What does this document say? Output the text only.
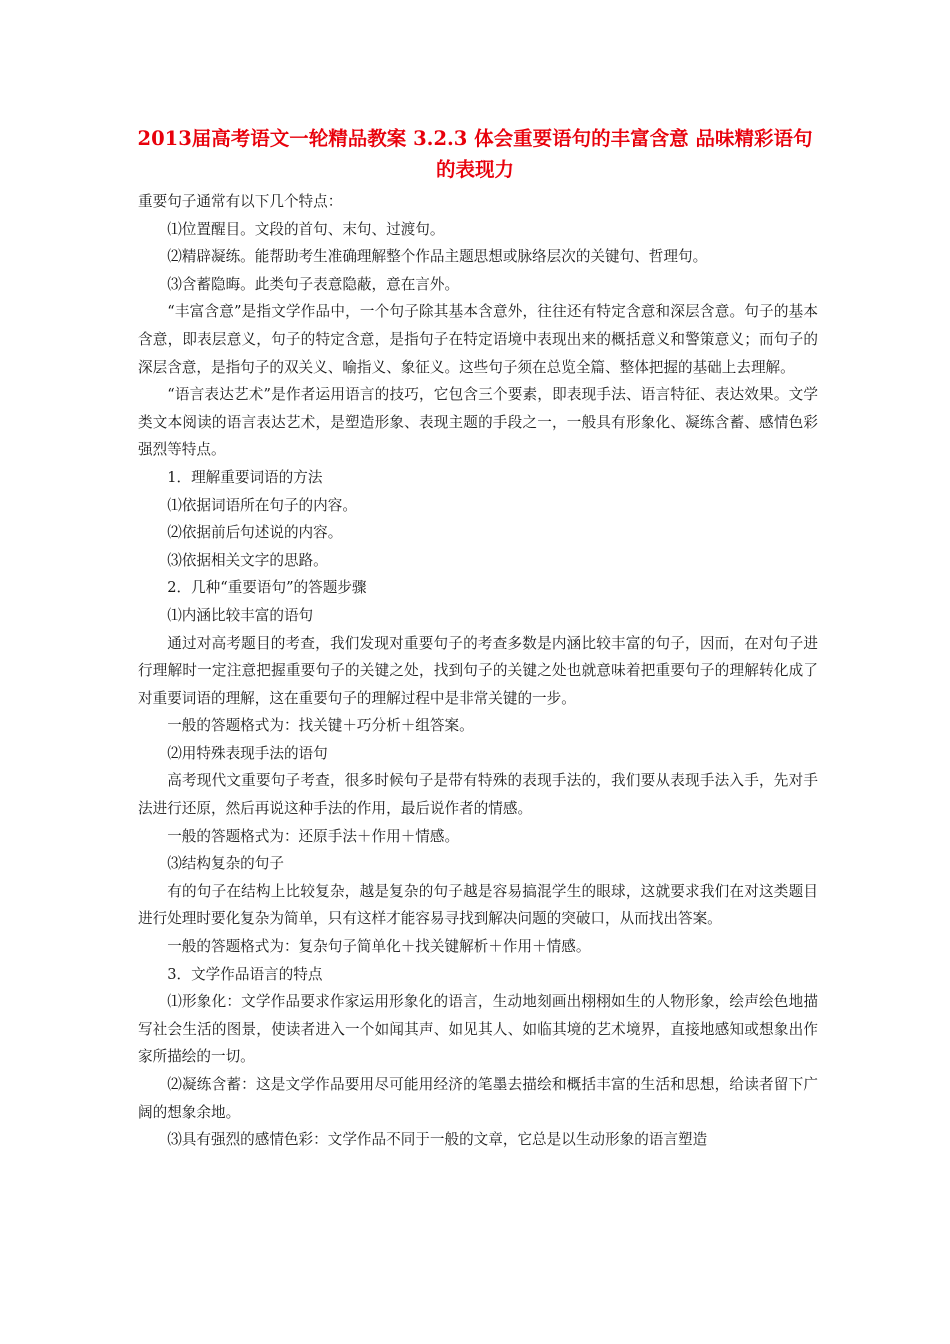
2013届高考语文一轮精品教案 3.2.3 体会重要语句的丰富含意 品味精彩语句的表现力

重要句子通常有以下几个特点：

⑴位置醒目。文段的首句、末句、过渡句。

⑵精辟凝练。能帮助考生准确理解整个作品主题思想或脉络层次的关键句、哲理句。

⑶含蓄隐晦。此类句子表意隐蔽，意在言外。

“丰富含意”是指文学作品中，一个句子除其基本含意外，往往还有特定含意和深层含意。句子的基本含意，即表层意义，句子的特定含意，是指句子在特定语境中表现出来的概括意义和警策意义；而句子的深层含意，是指句子的双关义、喻指义、象征义。这些句子须在总览全篇、整体把握的基础上去理解。

“语言表达艺术”是作者运用语言的技巧，它包含三个要素，即表现手法、语言特征、表达效果。文学类文本阅读的语言表达艺术，是塑造形象、表现主题的手段之一，一般具有形象化、凝练含蓄、感情色彩强烈等特点。

1．理解重要词语的方法

⑴依据词语所在句子的内容。

⑵依据前后句述说的内容。

⑶依据相关文字的思路。

2．几种“重要语句”的答题步骤

⑴内涵比较丰富的语句

通过对高考题目的考查，我们发现对重要句子的考查多数是内涵比较丰富的句子，因而，在对句子进行理解时一定注意把握重要句子的关键之处，找到句子的关键之处也就意味着把重要句子的理解转化成了对重要词语的理解，这在重要句子的理解过程中是非常关键的一步。

一般的答题格式为：找关键＋巧分析＋组答案。

⑵用特殊表现手法的语句

高考现代文重要句子考查，很多时候句子是带有特殊的表现手法的，我们要从表现手法入手，先对手法进行还原，然后再说这种手法的作用，最后说作者的情感。

一般的答题格式为：还原手法＋作用＋情感。

⑶结构复杂的句子

有的句子在结构上比较复杂，越是复杂的句子越是容易搞混学生的眼球，这就要求我们在对这类题目进行处理时要化复杂为简单，只有这样才能容易寻找到解决问题的突破口，从而找出答案。

一般的答题格式为：复杂句子简单化＋找关键解析＋作用＋情感。

3．文学作品语言的特点

⑴形象化：文学作品要求作家运用形象化的语言，生动地刻画出栩栩如生的人物形象，绘声绘色地描写社会生活的图景，使读者进入一个如闻其声、如见其人、如临其境的艺术境界，直接地感知或想象出作家所描绘的一切。

⑵凝练含蓄：这是文学作品要用尽可能用经济的笔墨去描绘和概括丰富的生活和思想，给读者留下广阔的想象余地。

⑶具有强烈的感情色彩：文学作品不同于一般的文章，它总是以生动形象的语言塑造
